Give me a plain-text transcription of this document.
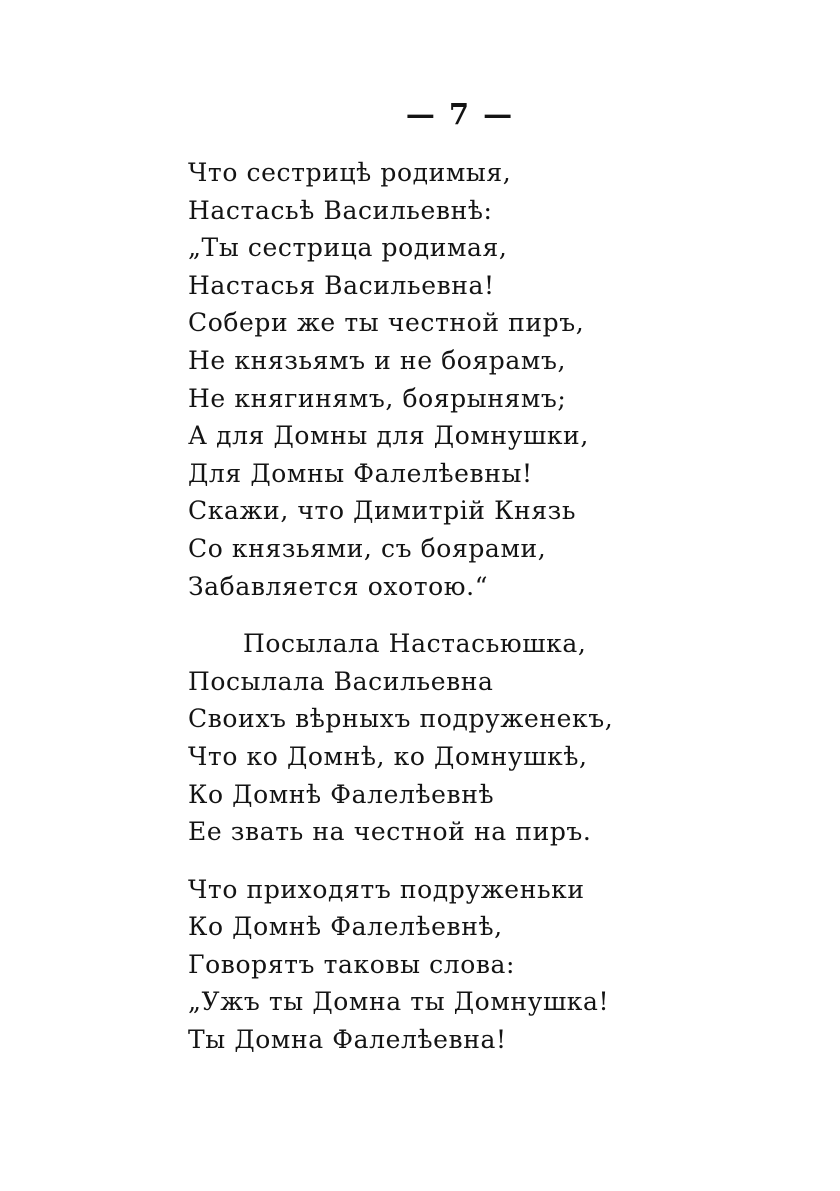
— 7 —
Что сестрицѣ родимыя,
Настасьѣ Васильевнѣ:
„Ты сестрица родимая,
Настасья Васильевна!
Собери же ты честной пиръ,
Не князьямъ и не боярамъ,
Не княгинямъ, боярынямъ;
А для Домны для Домнушки,
Для Домны Фалелѣевны!
Скажи, что Димитрій Князь
Со князьями, съ боярами,
Забавляется охотою.“
Посылала Настасьюшка,
Посылала Васильевна
Своихъ вѣрныхъ подруженекъ,
Что ко Домнѣ, ко Домнушкѣ,
Ко Домнѣ Фалелѣевнѣ
Ее звать на честной на пиръ.
Что приходятъ подруженьки
Ко Домнѣ Фалелѣевнѣ,
Говорятъ таковы слова:
„Ужъ ты Домна ты Домнушка!
Ты Домна Фалелѣевна!
